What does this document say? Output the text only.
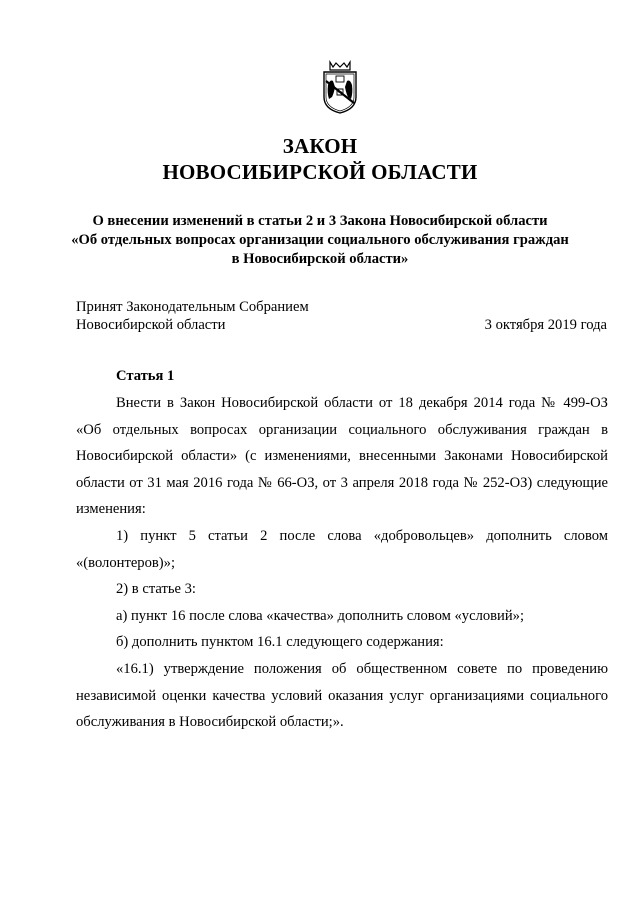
ЗАКОН
НОВОСИБИРСКОЙ ОБЛАСТИ
О внесении изменений в статьи 2 и 3 Закона Новосибирской области
«Об отдельных вопросах организации социального обслуживания граждан
в Новосибирской области»
Принят Законодательным Собранием
Новосибирской области	3 октября 2019 года
Статья 1

Внести в Закон Новосибирской области от 18 декабря 2014 года № 499-ОЗ «Об отдельных вопросах организации социального обслуживания граждан в Новосибирской области» (с изменениями, внесенными Законами Новосибирской области от 31 мая 2016 года № 66-ОЗ, от 3 апреля 2018 года № 252-ОЗ) следующие изменения:

1) пункт 5 статьи 2 после слова «добровольцев» дополнить словом «(волонтеров)»;

2) в статье 3:

а) пункт 16 после слова «качества» дополнить словом «условий»;

б) дополнить пунктом 16.1 следующего содержания:

«16.1) утверждение положения об общественном совете по проведению независимой оценки качества условий оказания услуг организациями социального обслуживания в Новосибирской области;».
